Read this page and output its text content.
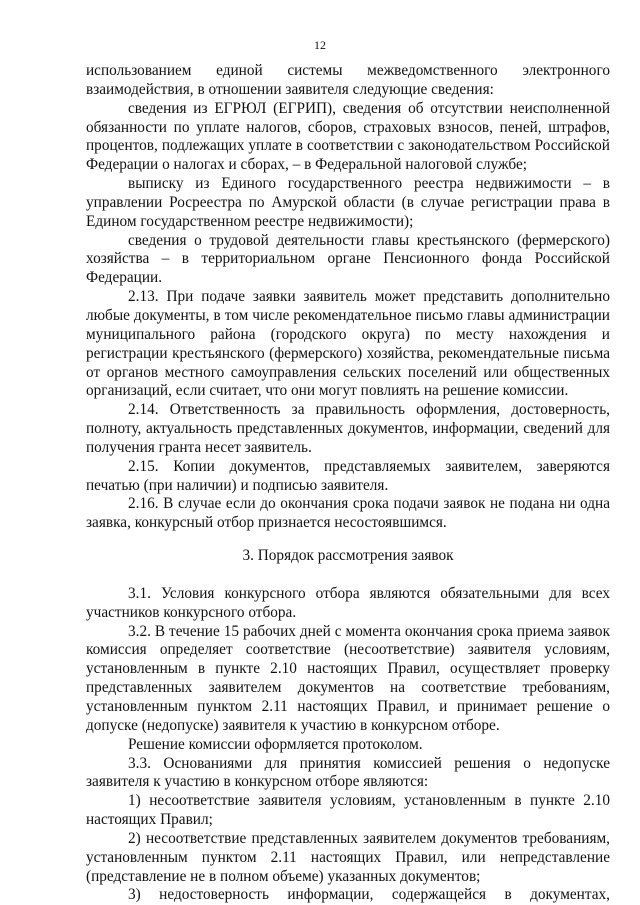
12

использованием единой системы межведомственного электронного взаимодействия, в отношении заявителя следующие сведения:

сведения из ЕГРЮЛ (ЕГРИП), сведения об отсутствии неисполненной обязанности по уплате налогов, сборов, страховых взносов, пеней, штрафов, процентов, подлежащих уплате в соответствии с законодательством Российской Федерации о налогах и сборах, – в Федеральной налоговой службе;

выписку из Единого государственного реестра недвижимости – в управлении Росреестра по Амурской области (в случае регистрации права в Едином государственном реестре недвижимости);

сведения о трудовой деятельности главы крестьянского (фермерского) хозяйства – в территориальном органе Пенсионного фонда Российской Федерации.

2.13. При подаче заявки заявитель может представить дополнительно любые документы, в том числе рекомендательное письмо главы администрации муниципального района (городского округа) по месту нахождения и регистрации крестьянского (фермерского) хозяйства, рекомендательные письма от органов местного самоуправления сельских поселений или общественных организаций, если считает, что они могут повлиять на решение комиссии.

2.14. Ответственность за правильность оформления, достоверность, полноту, актуальность представленных документов, информации, сведений для получения гранта несет заявитель.

2.15. Копии документов, представляемых заявителем, заверяются печатью (при наличии) и подписью заявителя.

2.16. В случае если до окончания срока подачи заявок не подана ни одна заявка, конкурсный отбор признается несостоявшимся.

3. Порядок рассмотрения заявок

3.1. Условия конкурсного отбора являются обязательными для всех участников конкурсного отбора.

3.2. В течение 15 рабочих дней с момента окончания срока приема заявок комиссия определяет соответствие (несоответствие) заявителя условиям, установленным в пункте 2.10 настоящих Правил, осуществляет проверку представленных заявителем документов на соответствие требованиям, установленным пунктом 2.11 настоящих Правил, и принимает решение о допуске (недопуске) заявителя к участию в конкурсном отборе.

Решение комиссии оформляется протоколом.

3.3. Основаниями для принятия комиссией решения о недопуске заявителя к участию в конкурсном отборе являются:

1) несоответствие заявителя условиям, установленным в пункте 2.10 настоящих Правил;

2) несоответствие представленных заявителем документов требованиям, установленным пунктом 2.11 настоящих Правил, или непредставление (представление не в полном объеме) указанных документов;

3) недостоверность информации, содержащейся в документах,
